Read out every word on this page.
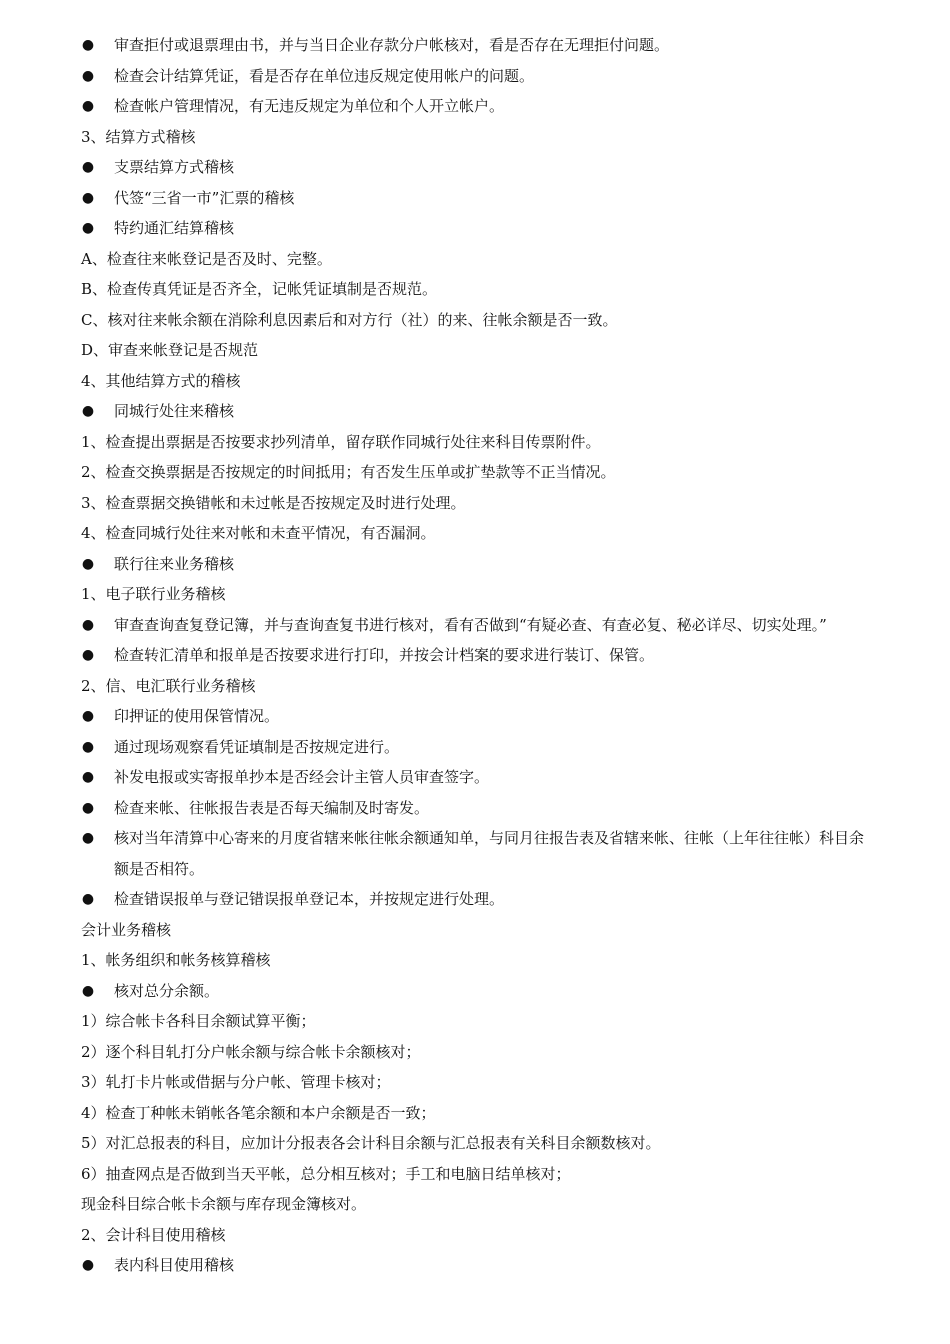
● 审查拒付或退票理由书，并与当日企业存款分户帐核对，看是否存在无理拒付问题。
● 检查会计结算凭证，看是否存在单位违反规定使用帐户的问题。
● 检查帐户管理情况，有无违反规定为单位和个人开立帐户。
3、结算方式稽核
● 支票结算方式稽核
● 代签“三省一市”汇票的稽核
● 特约通汇结算稽核
A、检查往来帐登记是否及时、完整。
B、检查传真凭证是否齐全，记帐凭证填制是否规范。
C、核对往来帐余额在消除利息因素后和对方行（社）的来、往帐余额是否一致。
D、审查来帐登记是否规范
4、其他结算方式的稽核
● 同城行处往来稽核
1、检查提出票据是否按要求抄列清单，留存联作同城行处往来科目传票附件。
2、检查交换票据是否按规定的时间抵用；有否发生压单或扩垫款等不正当情况。
3、检查票据交换错帐和未过帐是否按规定及时进行处理。
4、检查同城行处往来对帐和未查平情况，有否漏洞。
● 联行往来业务稽核
1、电子联行业务稽核
● 审查查询查复登记簿，并与查询查复书进行核对，看有否做到“有疑必查、有查必复、秘必详尽、切实处理。”
● 检查转汇清单和报单是否按要求进行打印，并按会计档案的要求进行装订、保管。
2、信、电汇联行业务稽核
● 印押证的使用保管情况。
● 通过现场观察看凭证填制是否按规定进行。
● 补发电报或实寄报单抄本是否经会计主管人员审查签字。
● 检查来帐、往帐报告表是否每天编制及时寄发。
● 核对当年清算中心寄来的月度省辖来帐往帐余额通知单，与同月往报告表及省辖来帐、往帐（上年往往帐）科目余额是否相符。
● 检查错误报单与登记错误报单登记本，并按规定进行处理。
会计业务稽核
1、帐务组织和帐务核算稽核
● 核对总分余额。
1）综合帐卡各科目余额试算平衡；
2）逐个科目轧打分户帐余额与综合帐卡余额核对；
3）轧打卡片帐或借据与分户帐、管理卡核对；
4）检查丁种帐未销帐各笔余额和本户余额是否一致；
5）对汇总报表的科目，应加计分报表各会计科目余额与汇总报表有关科目余额数核对。
6）抽查网点是否做到当天平帐，总分相互核对；手工和电脑日结单核对；
现金科目综合帐卡余额与库存现金簿核对。
2、会计科目使用稽核
● 表内科目使用稽核
